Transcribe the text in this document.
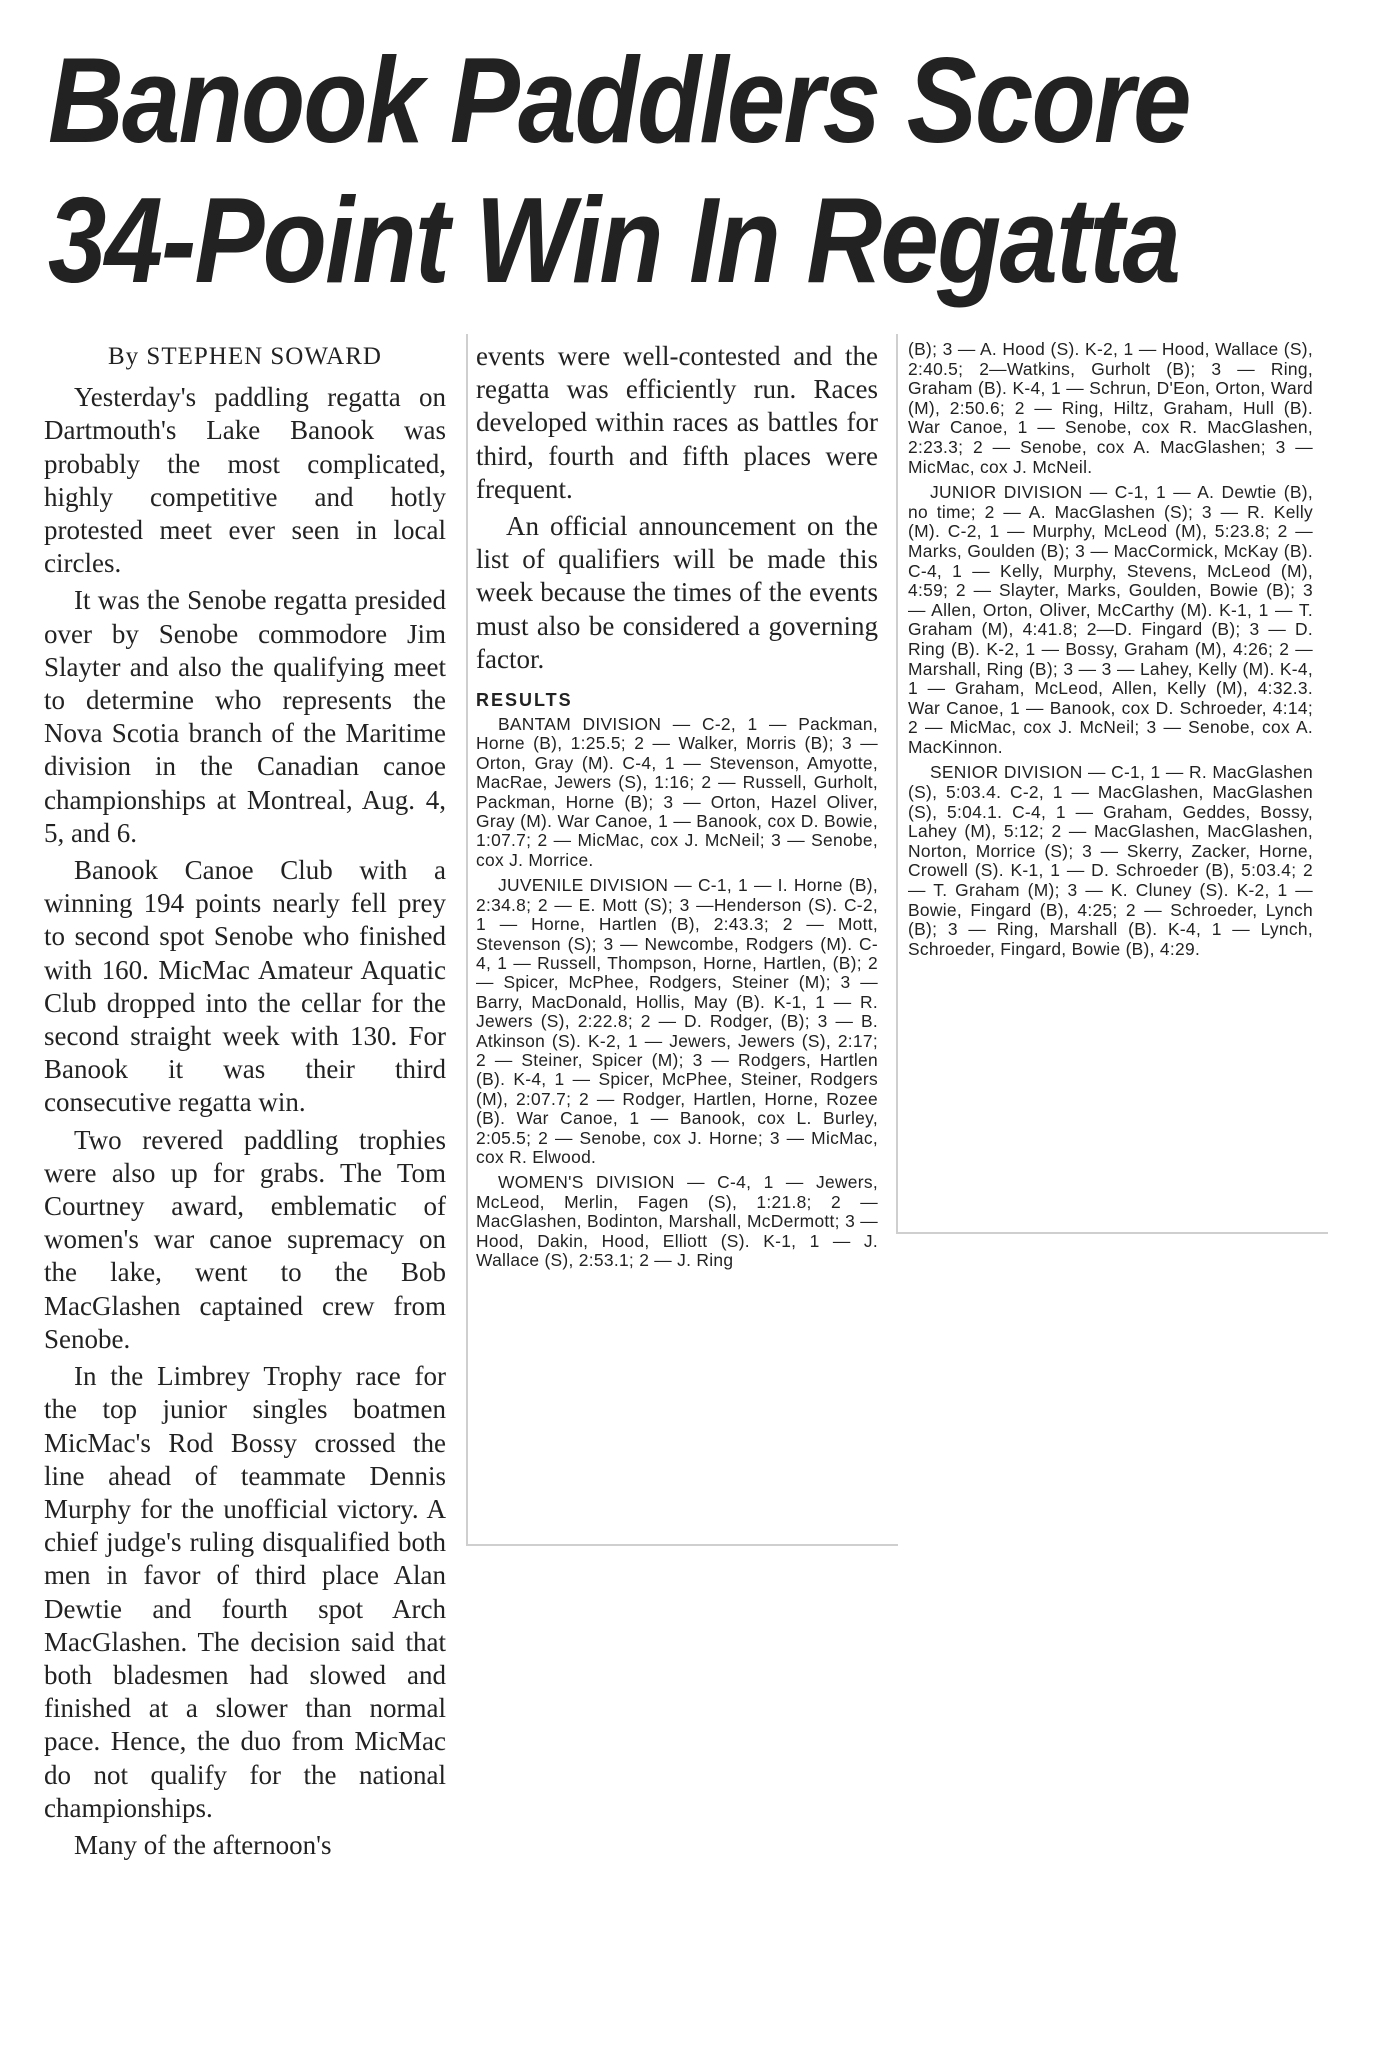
Banook Paddlers Score
34-Point Win In Regatta
By STEPHEN SOWARD

Yesterday's paddling regatta on Dartmouth's Lake Banook was probably the most complicated, highly competitive and hotly protested meet ever seen in local circles.

It was the Senobe regatta presided over by Senobe commodore Jim Slayter and also the qualifying meet to determine who represents the Nova Scotia branch of the Maritime division in the Canadian canoe championships at Montreal, Aug. 4, 5, and 6.

Banook Canoe Club with a winning 194 points nearly fell prey to second spot Senobe who finished with 160. MicMac Amateur Aquatic Club dropped into the cellar for the second straight week with 130. For Banook it was their third consecutive regatta win.

Two revered paddling trophies were also up for grabs. The Tom Courtney award, emblematic of women's war canoe supremacy on the lake, went to the Bob MacGlashen captained crew from Senobe.

In the Limbrey Trophy race for the top junior singles boatmen MicMac's Rod Bossy crossed the line ahead of teammate Dennis Murphy for the unofficial victory. A chief judge's ruling disqualified both men in favor of third place Alan Dewtie and fourth spot Arch MacGlashen. The decision said that both bladesmen had slowed and finished at a slower than normal pace. Hence, the duo from MicMac do not qualify for the national championships.

Many of the afternoon's

events were well-contested and the regatta was efficiently run. Races developed within races as battles for third, fourth and fifth places were frequent.

An official announcement on the list of qualifiers will be made this week because the times of the events must also be considered a governing factor.

RESULTS

BANTAM DIVISION — C-2, 1 — Packman, Horne (B), 1:25.5; 2 — Walker, Morris (B); 3 — Orton, Gray (M). C-4, 1 — Stevenson, Amyotte, MacRae, Jewers (S), 1:16; 2 — Russell, Gurholt, Packman, Horne (B); 3 — Orton, Hazel Oliver, Gray (M). War Canoe, 1 — Banook, cox D. Bowie, 1:07.7; 2 — MicMac, cox J. McNeil; 3 — Senobe, cox J. Morrice.

JUVENILE DIVISION — C-1, 1 — I. Horne (B), 2:34.8; 2 — E. Mott (S); 3 —Henderson (S). C-2, 1 — Horne, Hartlen (B), 2:43.3; 2 — Mott, Stevenson (S); 3 — Newcombe, Rodgers (M). C-4, 1 — Russell, Thompson, Horne, Hartlen, (B); 2 — Spicer, McPhee, Rodgers, Steiner (M); 3 — Barry, MacDonald, Hollis, May (B). K-1, 1 — R. Jewers (S), 2:22.8; 2 — D. Rodger, (B); 3 — B. Atkinson (S). K-2, 1 — Jewers, Jewers (S), 2:17; 2 — Steiner, Spicer (M); 3 — Rodgers, Hartlen (B). K-4, 1 — Spicer, McPhee, Steiner, Rodgers (M), 2:07.7; 2 — Rodger, Hartlen, Horne, Rozee (B). War Canoe, 1 — Banook, cox L. Burley, 2:05.5; 2 — Senobe, cox J. Horne; 3 — MicMac, cox R. Elwood.

WOMEN'S DIVISION — C-4, 1 — Jewers, McLeod, Merlin, Fagen (S), 1:21.8; 2 — MacGlashen, Bodinton, Marshall, McDermott; 3 — Hood, Dakin, Hood, Elliott (S). K-1, 1 — J. Wallace (S), 2:53.1; 2 — J. Ring

(B); 3 — A. Hood (S). K-2, 1 — Hood, Wallace (S), 2:40.5; 2—Watkins, Gurholt (B); 3 — Ring, Graham (B). K-4, 1 — Schrun, D'Eon, Orton, Ward (M), 2:50.6; 2 — Ring, Hiltz, Graham, Hull (B). War Canoe, 1 — Senobe, cox R. MacGlashen, 2:23.3; 2 — Senobe, cox A. MacGlashen; 3 — MicMac, cox J. McNeil.

JUNIOR DIVISION — C-1, 1 — A. Dewtie (B), no time; 2 — A. MacGlashen (S); 3 — R. Kelly (M). C-2, 1 — Murphy, McLeod (M), 5:23.8; 2 — Marks, Goulden (B); 3 — MacCormick, McKay (B). C-4, 1 — Kelly, Murphy, Stevens, McLeod (M), 4:59; 2 — Slayter, Marks, Goulden, Bowie (B); 3 — Allen, Orton, Oliver, McCarthy (M). K-1, 1 — T. Graham (M), 4:41.8; 2—D. Fingard (B); 3 — D. Ring (B). K-2, 1 — Bossy, Graham (M), 4:26; 2 — Marshall, Ring (B); 3 — 3 — Lahey, Kelly (M). K-4, 1 — Graham, McLeod, Allen, Kelly (M), 4:32.3. War Canoe, 1 — Banook, cox D. Schroeder, 4:14; 2 — MicMac, cox J. McNeil; 3 — Senobe, cox A. MacKinnon.

SENIOR DIVISION — C-1, 1 — R. MacGlashen (S), 5:03.4. C-2, 1 — MacGlashen, MacGlashen (S), 5:04.1. C-4, 1 — Graham, Geddes, Bossy, Lahey (M), 5:12; 2 — MacGlashen, MacGlashen, Norton, Morrice (S); 3 — Skerry, Zacker, Horne, Crowell (S). K-1, 1 — D. Schroeder (B), 5:03.4; 2 — T. Graham (M); 3 — K. Cluney (S). K-2, 1 — Bowie, Fingard (B), 4:25; 2 — Schroeder, Lynch (B); 3 — Ring, Marshall (B). K-4, 1 — Lynch, Schroeder, Fingard, Bowie (B), 4:29.
